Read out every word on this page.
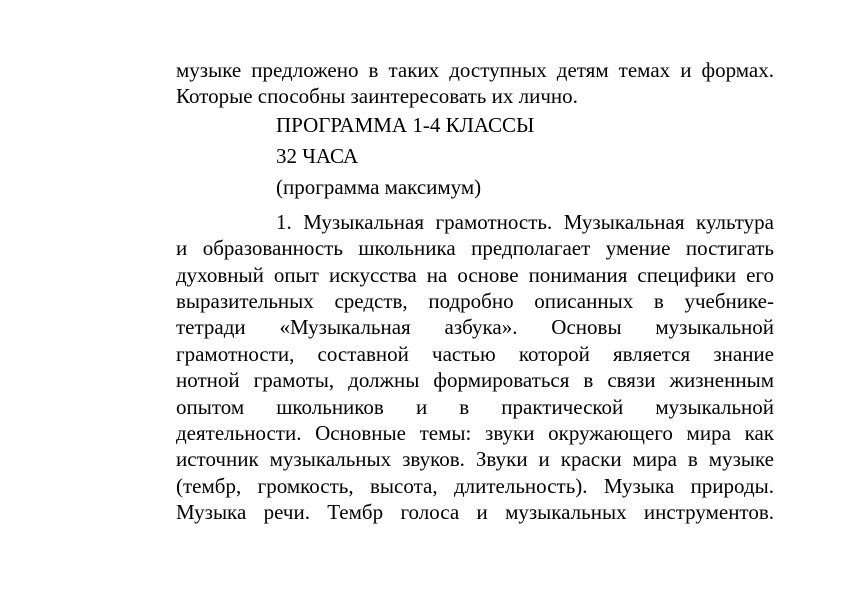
музыке предложено в таких доступных детям темах и формах.
Которые способны заинтересовать их лично.
ПРОГРАММА 1-4 КЛАССЫ
32 ЧАСА
(программа максимум)
1. Музыкальная грамотность. Музыкальная культура
и образованность школьника предполагает умение постигать
духовный опыт искусства на основе понимания специфики его
выразительных средств, подробно описанных в учебнике-
тетради «Музыкальная азбука». Основы музыкальной
грамотности, составной частью которой является знание
нотной грамоты, должны формироваться в связи жизненным
опытом школьников и в практической музыкальной
деятельности. Основные темы: звуки окружающего мира как
источник музыкальных звуков. Звуки и краски мира в музыке
(тембр, громкость, высота, длительность). Музыка природы.
Музыка речи. Тембр голоса и музыкальных инструментов.
